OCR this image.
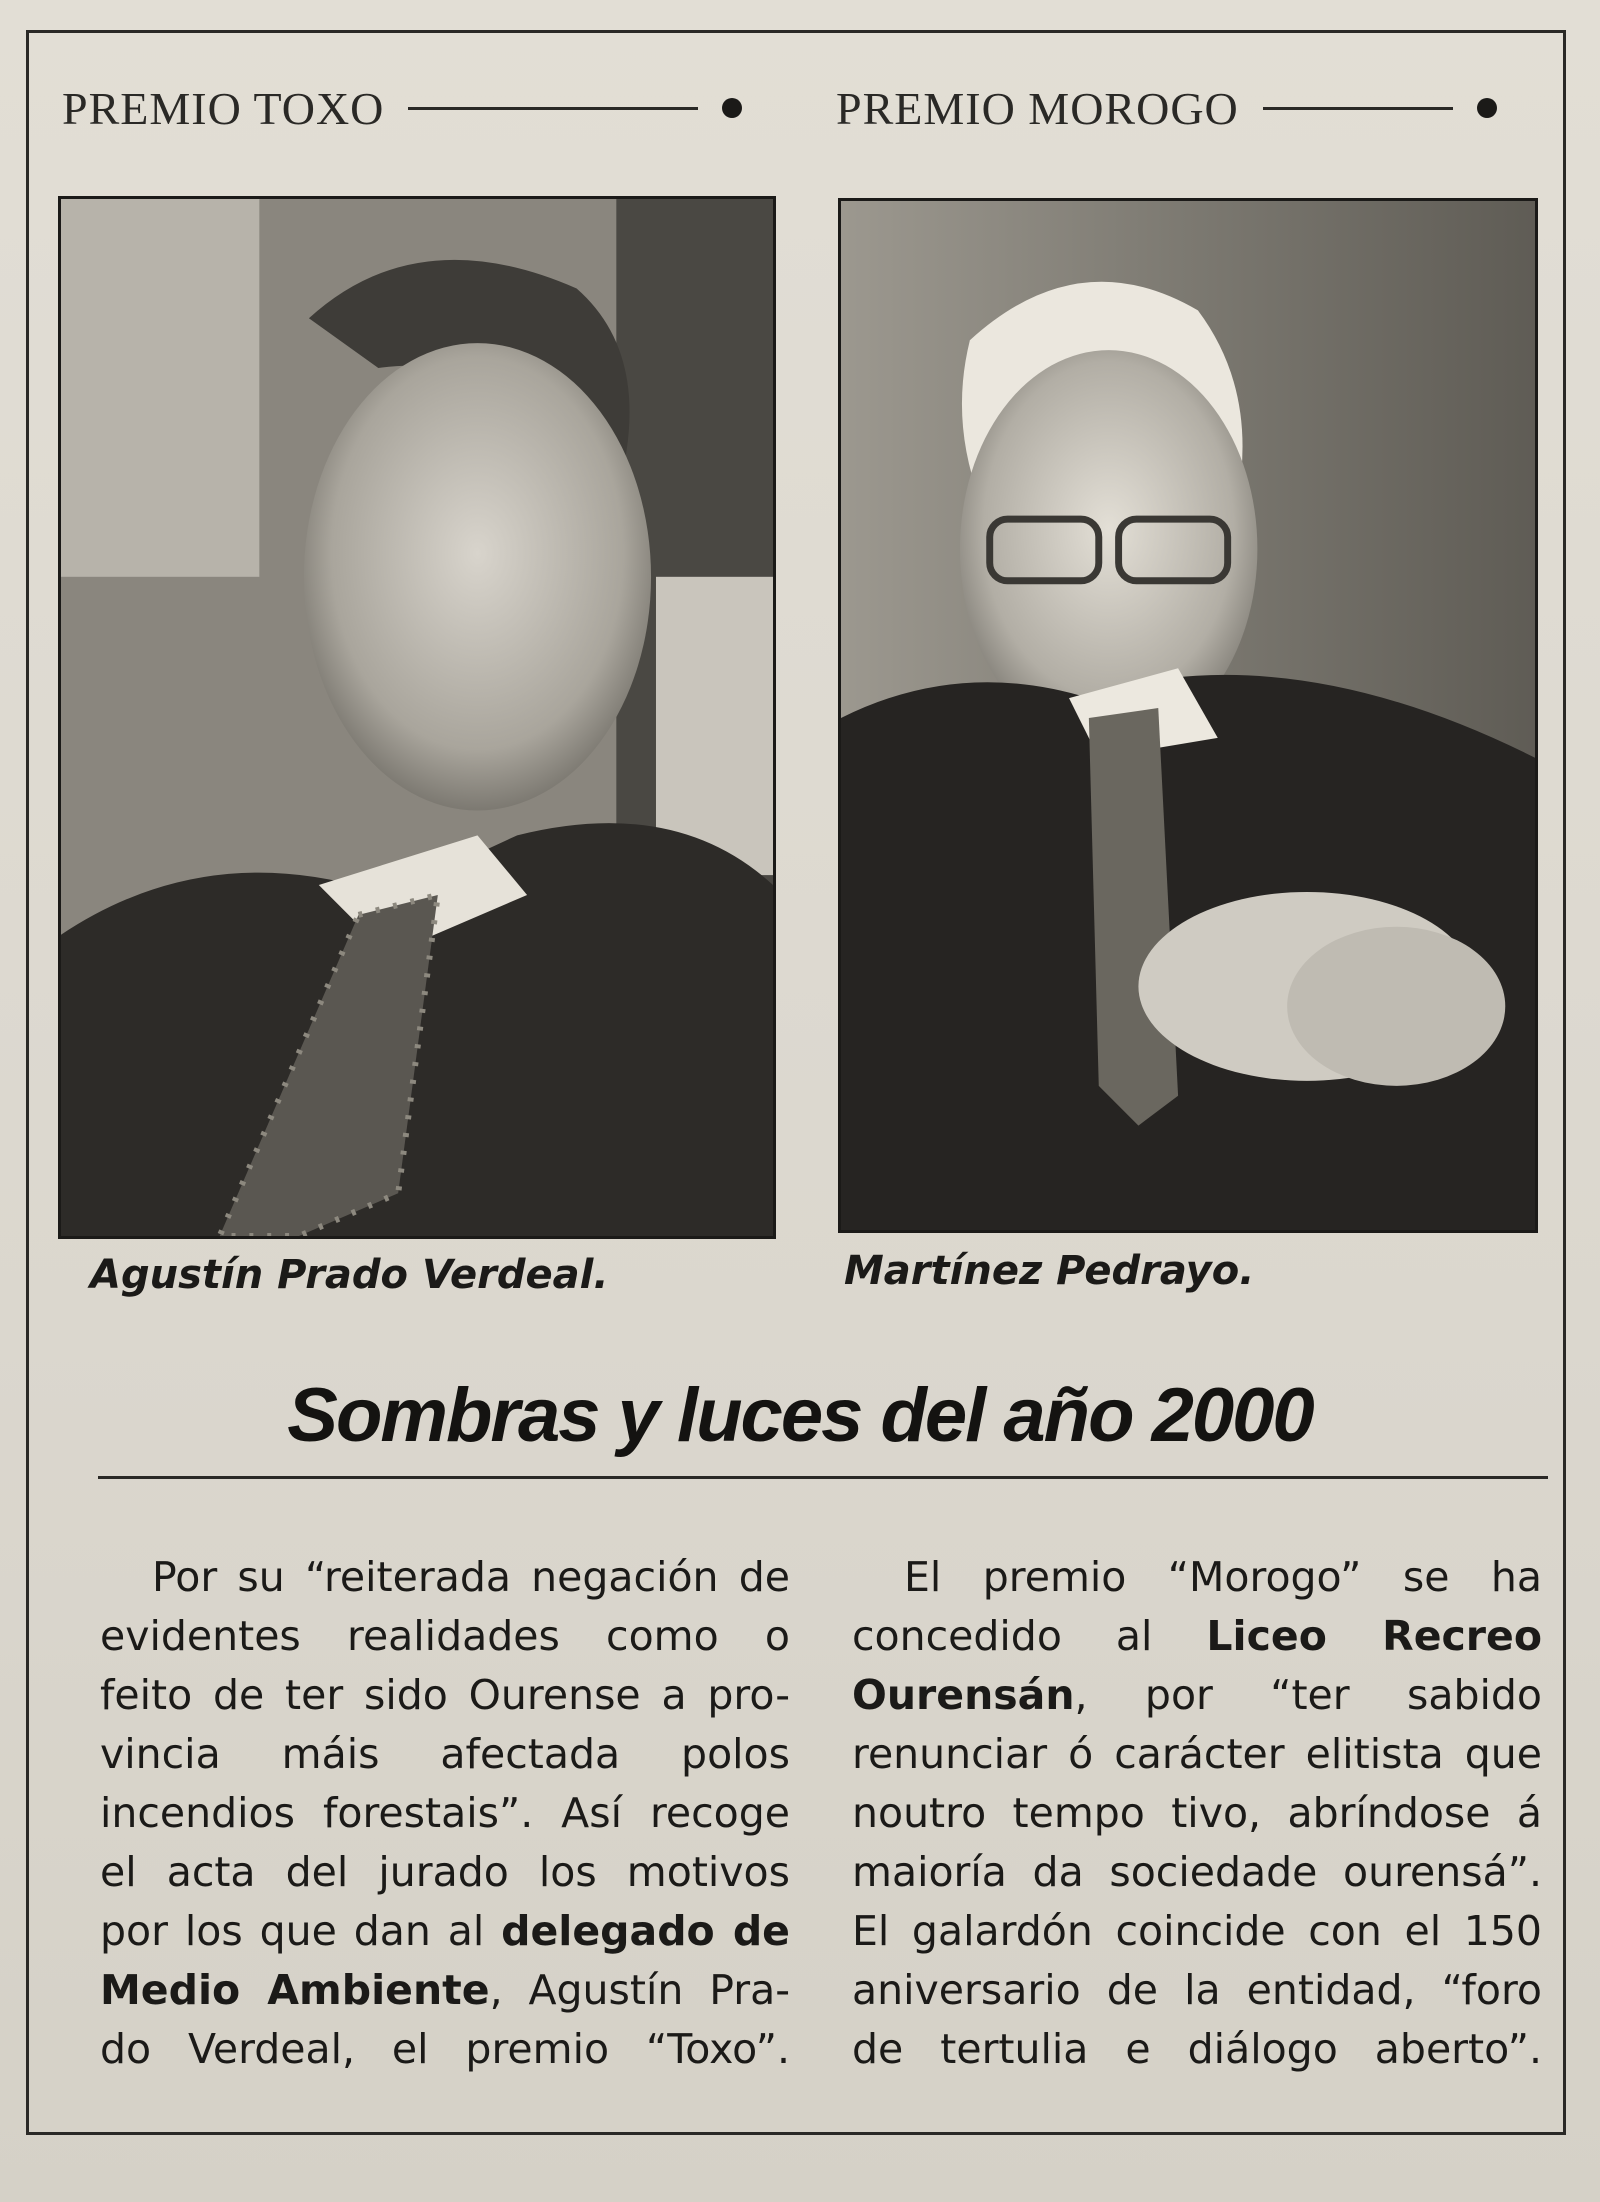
PREMIO TOXO	PREMIO MOROGO
Agustín Prado Verdeal.	Martínez Pedrayo.
Sombras y luces del año 2000
Por su “reiterada negación de
evidentes realidades como o
feito de ter sido Ourense a pro-
vincia máis afectada polos
incendios forestais”. Así recoge
el acta del jurado los motivos
por los que dan al delegado de
Medio Ambiente, Agustín Pra-
do Verdeal, el premio “Toxo”.
El premio “Morogo” se ha
concedido al Liceo Recreo
Ourensán, por “ter sabido
renunciar ó carácter elitista que
noutro tempo tivo, abríndose á
maioría da sociedade ourensá”.
El galardón coincide con el 150
aniversario de la entidad, “foro
de tertulia e diálogo aberto”.
